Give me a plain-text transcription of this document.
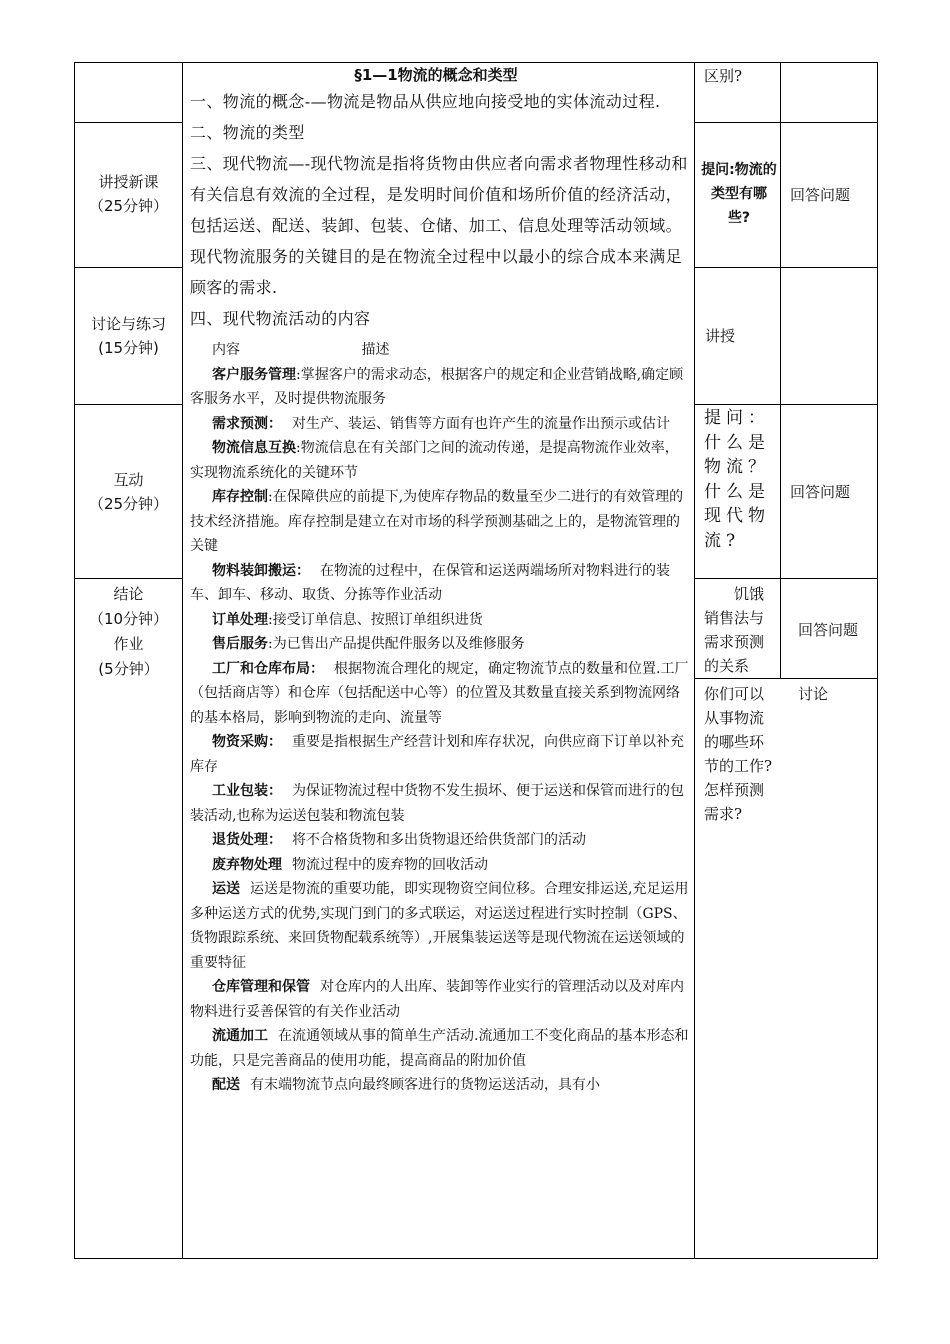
讲授新课
（25分钟）
讨论与练习
(15分钟)
互动
（25分钟）
结论
（10分钟）
作业
(5分钟）
§1—1物流的概念和类型
一、物流的概念-—物流是物品从供应地向接受地的实体流动过程.
二、物流的类型
三、现代物流—-现代物流是指将货物由供应者向需求者物理性移动和有关信息有效流的全过程，是发明时间价值和场所价值的经济活动，包括运送、配送、装卸、包装、仓储、加工、信息处理等活动领域。现代物流服务的关键目的是在物流全过程中以最小的综合成本来满足顾客的需求.
四、现代物流活动的内容
内容	描述
客户服务管理:掌握客户的需求动态，根据客户的规定和企业营销战略,确定顾客服务水平，及时提供物流服务
需求预测： 对生产、装运、销售等方面有也许产生的流量作出预示或估计
物流信息互换:物流信息在有关部门之间的流动传递，是提高物流作业效率，实现物流系统化的关键环节
库存控制:在保障供应的前提下,为使库存物品的数量至少二进行的有效管理的技术经济措施。库存控制是建立在对市场的科学预测基础之上的，是物流管理的关键
物料装卸搬运： 在物流的过程中，在保管和运送两端场所对物料进行的装车、卸车、移动、取货、分拣等作业活动
订单处理:接受订单信息、按照订单组织进货
售后服务:为已售出产品提供配件服务以及维修服务
工厂和仓库布局： 根据物流合理化的规定，确定物流节点的数量和位置.工厂（包括商店等）和仓库（包括配送中心等）的位置及其数量直接关系到物流网络的基本格局，影响到物流的走向、流量等
物资采购： 重要是指根据生产经营计划和库存状况，向供应商下订单以补充库存
工业包装： 为保证物流过程中货物不发生损坏、便于运送和保管而进行的包装活动,也称为运送包装和物流包装
退货处理： 将不合格货物和多出货物退还给供货部门的活动
废弃物处理 物流过程中的废弃物的回收活动
运送 运送是物流的重要功能，即实现物资空间位移。合理安排运送,充足运用多种运送方式的优势,实现门到门的多式联运，对运送过程进行实时控制（GPS、货物跟踪系统、来回货物配载系统等）,开展集装运送等是现代物流在运送领域的重要特征
仓库管理和保管 对仓库内的人出库、装卸等作业实行的管理活动以及对库内物料进行妥善保管的有关作业活动
流通加工 在流通领域从事的简单生产活动.流通加工不变化商品的基本形态和功能，只是完善商品的使用功能，提高商品的附加价值
配送 有末端物流节点向最终顾客进行的货物运送活动，具有小
区别?
提问:物流的类型有哪些?
讲授
提问：什么是物流？什么是现代物流?
饥饿销售法与需求预测的关系
你们可以从事物流的哪些环节的工作?怎样预测需求?
回答问题
回答问题
回答问题
讨论
